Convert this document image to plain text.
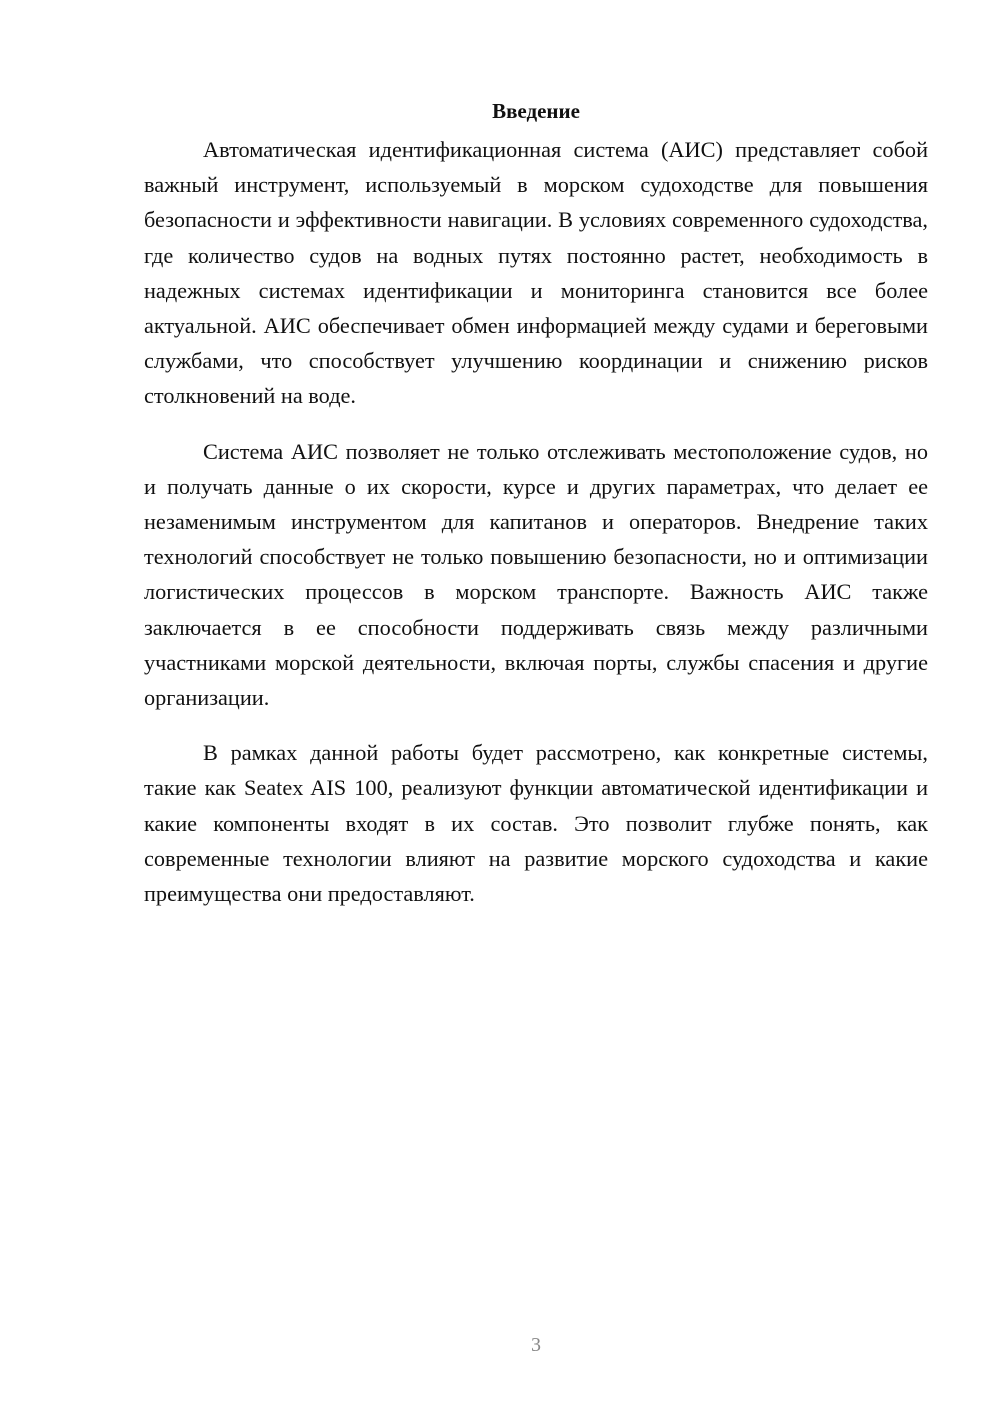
Введение

Автоматическая идентификационная система (АИС) представляет собой важный инструмент, используемый в морском судоходстве для повышения безопасности и эффективности навигации. В условиях современного судоходства, где количество судов на водных путях постоянно растет, необходимость в надежных системах идентификации и мониторинга становится все более актуальной. АИС обеспечивает обмен информацией между судами и береговыми службами, что способствует улучшению координации и снижению рисков столкновений на воде.

Система АИС позволяет не только отслеживать местоположение судов, но и получать данные о их скорости, курсе и других параметрах, что делает ее незаменимым инструментом для капитанов и операторов. Внедрение таких технологий способствует не только повышению безопасности, но и оптимизации логистических процессов в морском транспорте. Важность АИС также заключается в ее способности поддерживать связь между различными участниками морской деятельности, включая порты, службы спасения и другие организации.

В рамках данной работы будет рассмотрено, как конкретные системы, такие как Seatex AIS 100, реализуют функции автоматической идентификации и какие компоненты входят в их состав. Это позволит глубже понять, как современные технологии влияют на развитие морского судоходства и какие преимущества они предоставляют.

3
